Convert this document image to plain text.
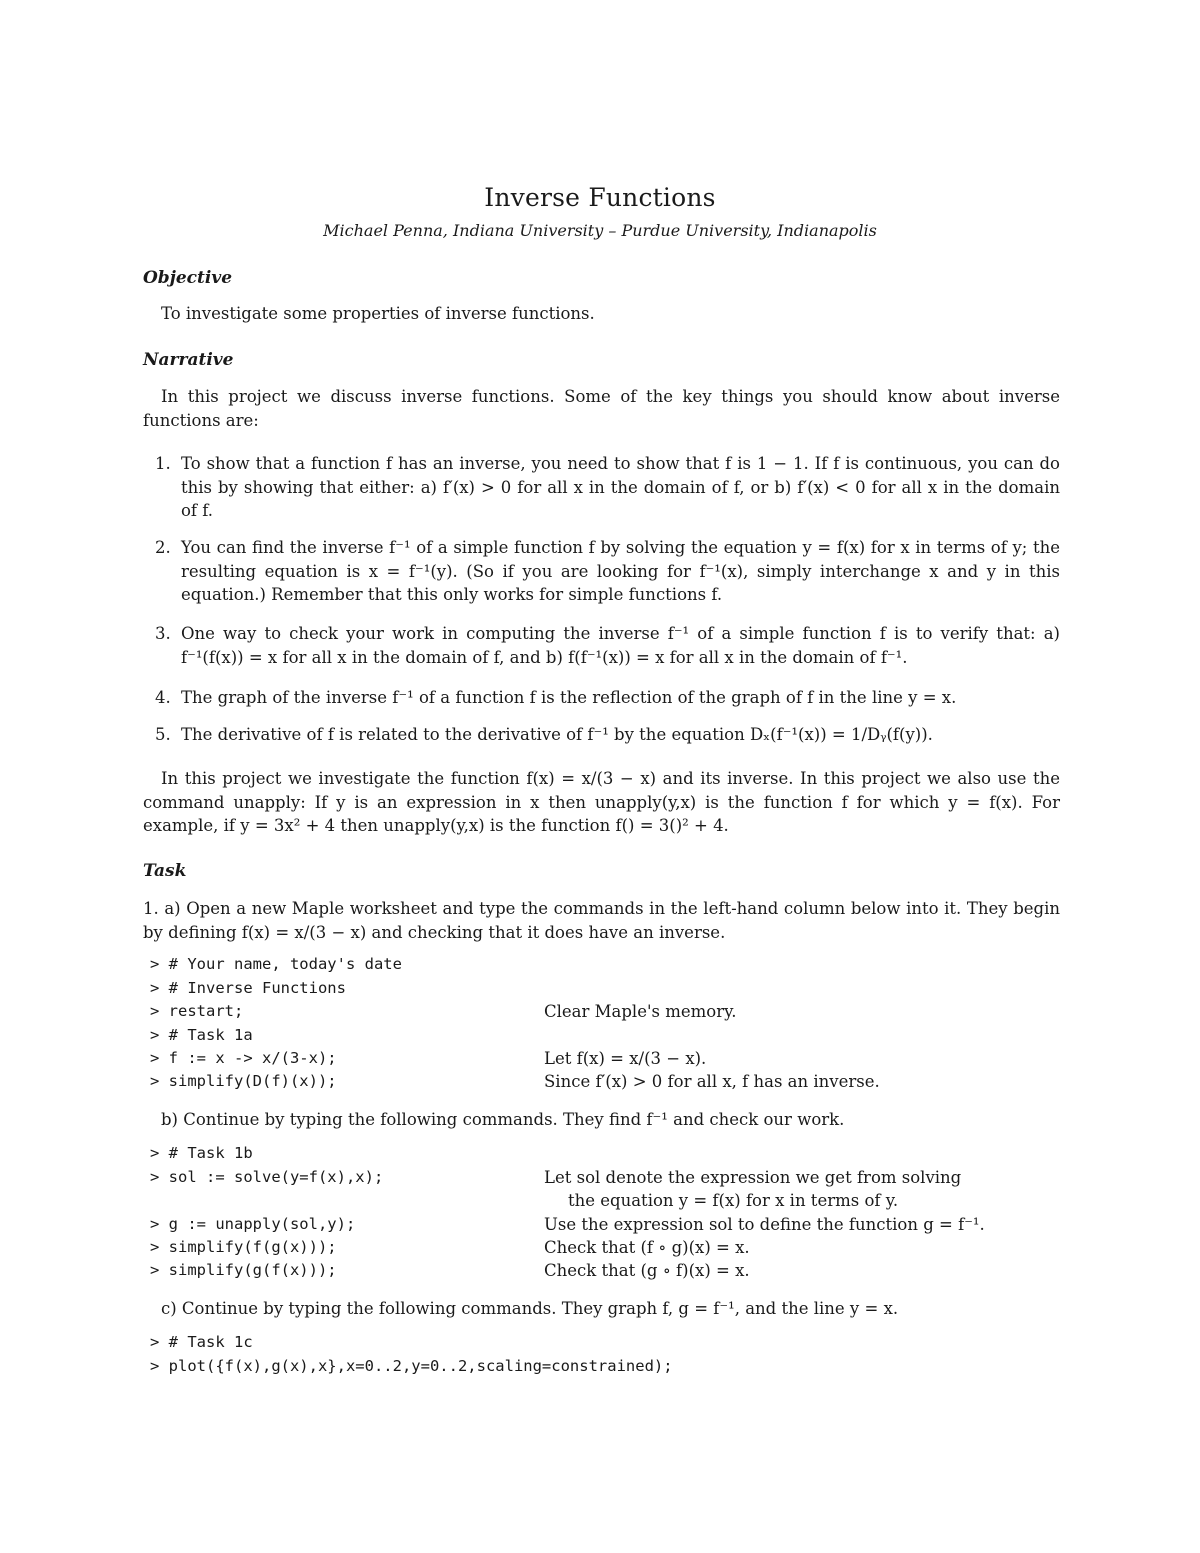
Inverse Functions
Michael Penna, Indiana University – Purdue University, Indianapolis
Objective
To investigate some properties of inverse functions.
Narrative
In this project we discuss inverse functions. Some of the key things you should know about inverse functions are:
1. To show that a function f has an inverse, you need to show that f is 1 − 1. If f is continuous, you can do this by showing that either: a) f′(x) > 0 for all x in the domain of f, or b) f′(x) < 0 for all x in the domain of f.
2. You can find the inverse f⁻¹ of a simple function f by solving the equation y = f(x) for x in terms of y; the resulting equation is x = f⁻¹(y). (So if you are looking for f⁻¹(x), simply interchange x and y in this equation.) Remember that this only works for simple functions f.
3. One way to check your work in computing the inverse f⁻¹ of a simple function f is to verify that: a) f⁻¹(f(x)) = x for all x in the domain of f, and b) f(f⁻¹(x)) = x for all x in the domain of f⁻¹.
4. The graph of the inverse f⁻¹ of a function f is the reflection of the graph of f in the line y = x.
5. The derivative of f is related to the derivative of f⁻¹ by the equation Dₓ(f⁻¹(x)) = 1/Dᵧ(f(y)).
In this project we investigate the function f(x) = x/(3 − x) and its inverse. In this project we also use the command unapply: If y is an expression in x then unapply(y,x) is the function f for which y = f(x). For example, if y = 3x² + 4 then unapply(y,x) is the function f() = 3()² + 4.
Task
1. a) Open a new Maple worksheet and type the commands in the left-hand column below into it. They begin by defining f(x) = x/(3 − x) and checking that it does have an inverse.
> # Your name, today's date
> # Inverse Functions
> restart;	Clear Maple's memory.
> # Task 1a
> f := x -> x/(3-x);	Let f(x) = x/(3 − x).
> simplify(D(f)(x));	Since f′(x) > 0 for all x, f has an inverse.
b) Continue by typing the following commands. They find f⁻¹ and check our work.
> # Task 1b
> sol := solve(y=f(x),x);	Let sol denote the expression we get from solving
the equation y = f(x) for x in terms of y.
> g := unapply(sol,y);	Use the expression sol to define the function g = f⁻¹.
> simplify(f(g(x)));	Check that (f ∘ g)(x) = x.
> simplify(g(f(x)));	Check that (g ∘ f)(x) = x.
c) Continue by typing the following commands. They graph f, g = f⁻¹, and the line y = x.
> # Task 1c
> plot({f(x),g(x),x},x=0..2,y=0..2,scaling=constrained);
